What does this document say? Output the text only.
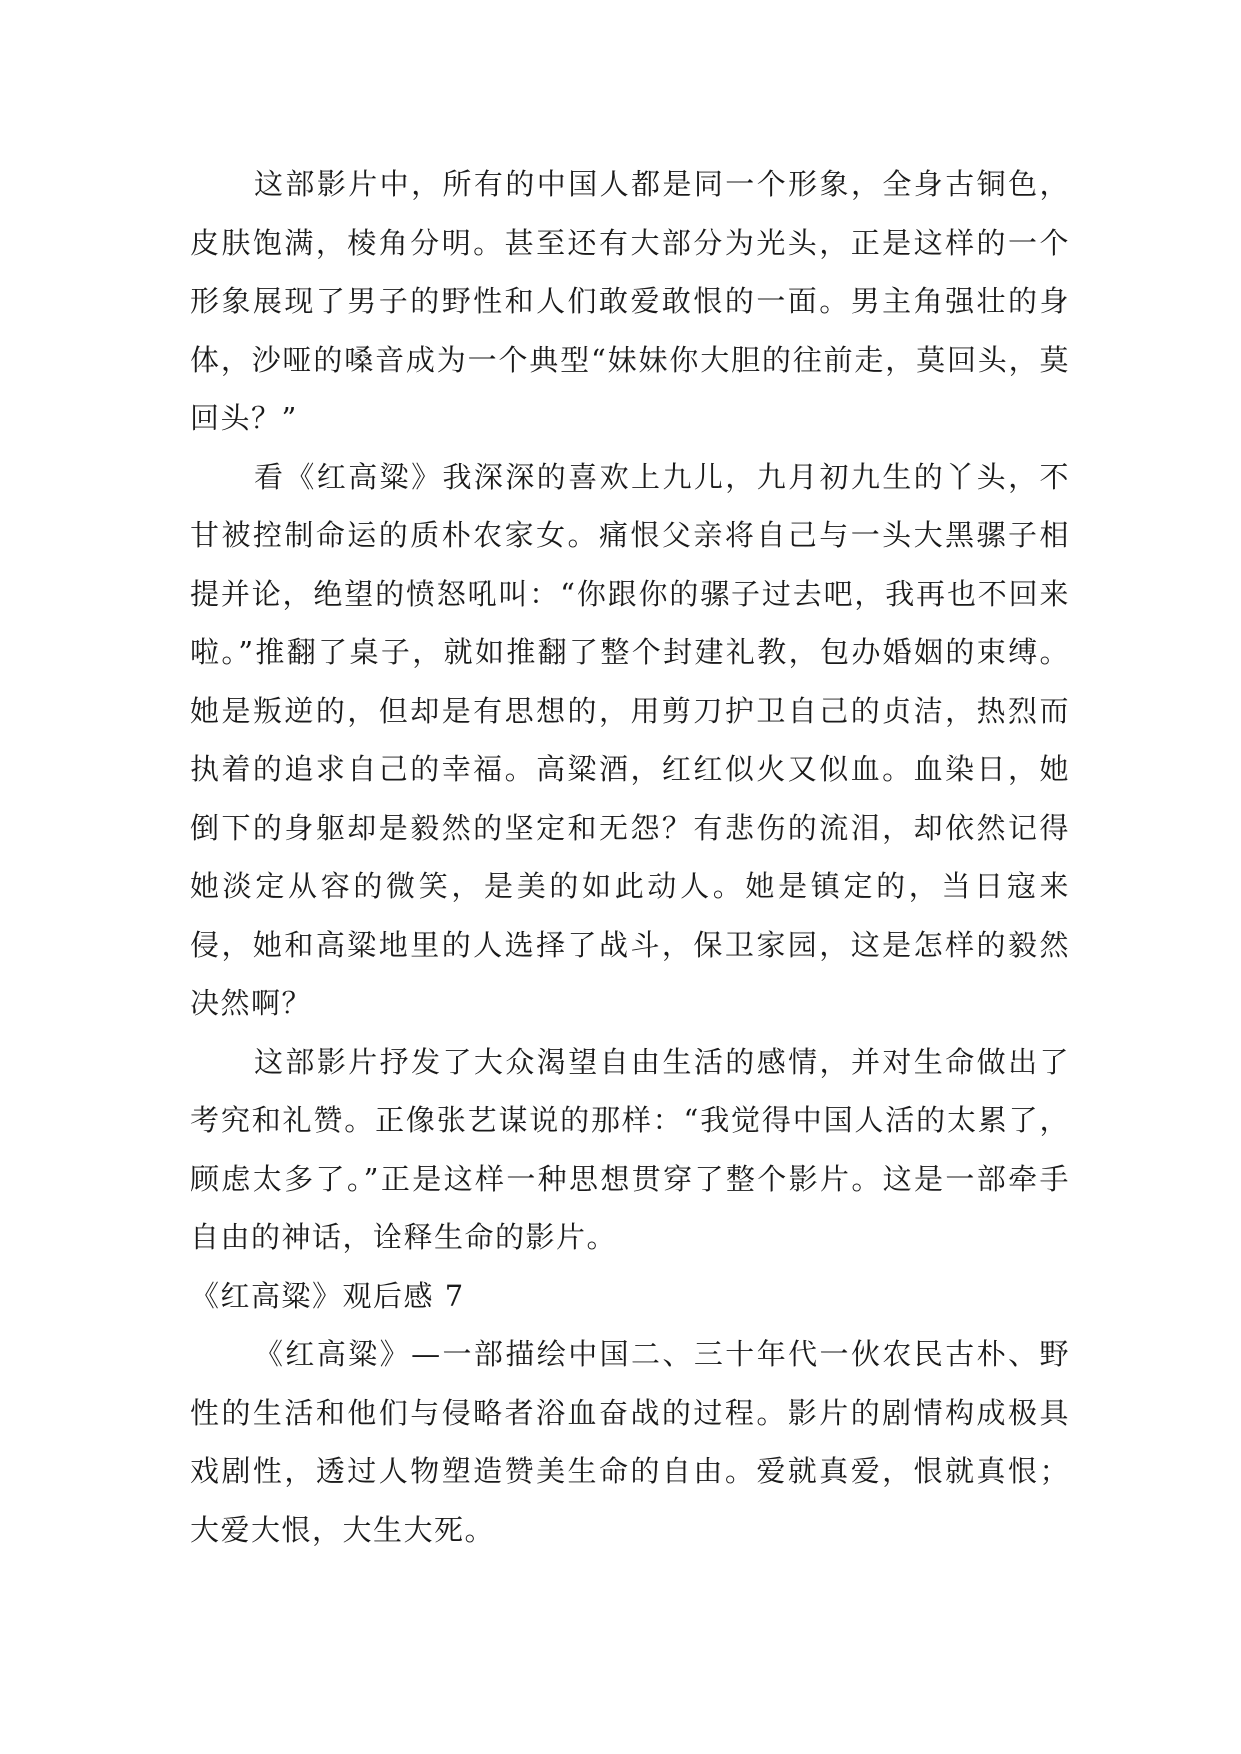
这部影片中，所有的中国人都是同一个形象，全身古铜色，皮肤饱满，棱角分明。甚至还有大部分为光头，正是这样的一个形象展现了男子的野性和人们敢爱敢恨的一面。男主角强壮的身体，沙哑的嗓音成为一个典型“妹妹你大胆的往前走，莫回头，莫回头？”

看《红高粱》我深深的喜欢上九儿，九月初九生的丫头，不甘被控制命运的质朴农家女。痛恨父亲将自己与一头大黑骡子相提并论，绝望的愤怒吼叫：“你跟你的骡子过去吧，我再也不回来啦。”推翻了桌子，就如推翻了整个封建礼教，包办婚姻的束缚。她是叛逆的，但却是有思想的，用剪刀护卫自己的贞洁，热烈而执着的追求自己的幸福。高粱酒，红红似火又似血。血染日，她倒下的身躯却是毅然的坚定和无怨？有悲伤的流泪，却依然记得她淡定从容的微笑，是美的如此动人。她是镇定的，当日寇来侵，她和高粱地里的人选择了战斗，保卫家园，这是怎样的毅然决然啊？

这部影片抒发了大众渴望自由生活的感情，并对生命做出了考究和礼赞。正像张艺谋说的那样：“我觉得中国人活的太累了，顾虑太多了。”正是这样一种思想贯穿了整个影片。这是一部牵手自由的神话，诠释生命的影片。

《红高粱》观后感 7

《红高粱》—一部描绘中国二、三十年代一伙农民古朴、野性的生活和他们与侵略者浴血奋战的过程。影片的剧情构成极具戏剧性，透过人物塑造赞美生命的自由。爱就真爱，恨就真恨；大爱大恨，大生大死。
